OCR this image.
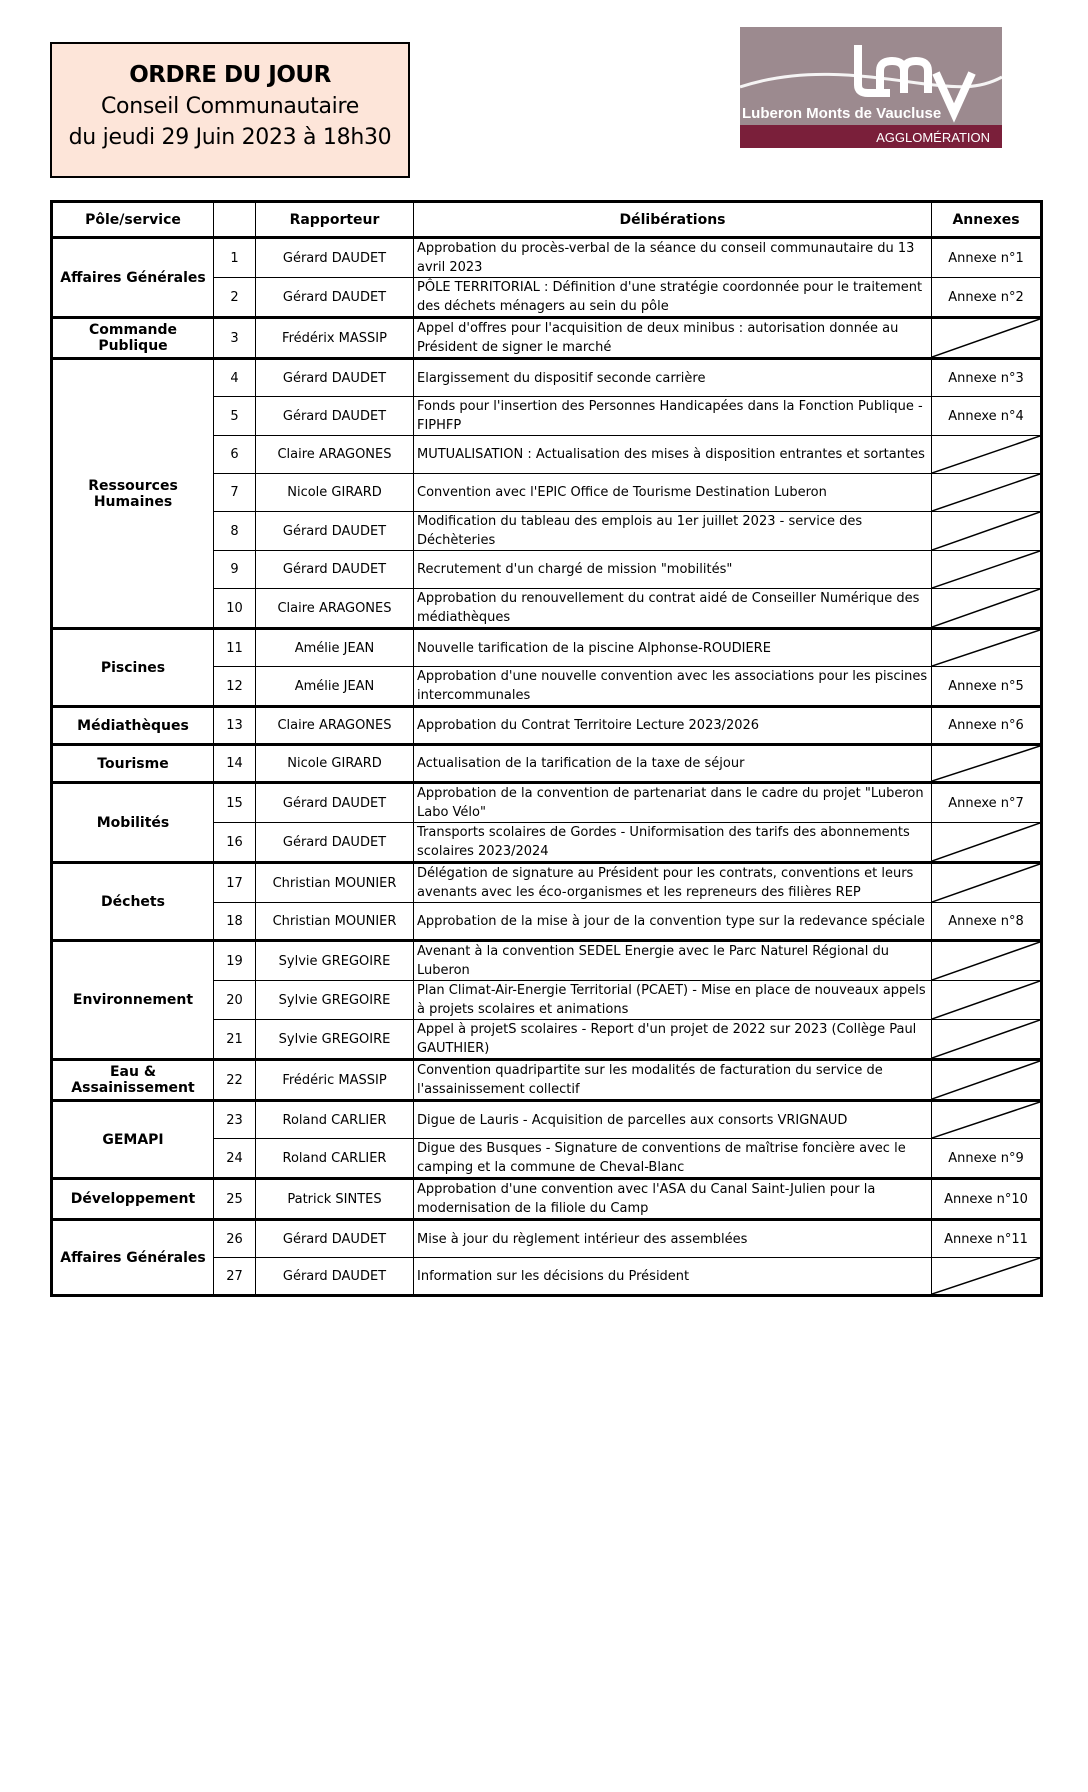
ORDRE DU JOUR
Conseil Communautaire
du jeudi 29 Juin 2023 à 18h30
Luberon Monts de Vaucluse
AGGLOMÉRATION
Pôle/service		Rapporteur	Délibérations	Annexes
Affaires Générales	1	Gérard DAUDET	Approbation du procès-verbal de la séance du conseil communautaire du 13 avril 2023	Annexe n°1
	2	Gérard DAUDET	PÔLE TERRITORIAL : Définition d'une stratégie coordonnée pour le traitement des déchets ménagers au sein du pôle	Annexe n°2
Commande Publique	3	Frédérix MASSIP	Appel d'offres pour l'acquisition de deux minibus : autorisation donnée au Président de signer le marché	

Ressources Humaines	4	Gérard DAUDET	Elargissement du dispositif seconde carrière	Annexe n°3
	5	Gérard DAUDET	Fonds pour l'insertion des Personnes Handicapées dans la Fonction Publique - FIPHFP	Annexe n°4
	6	Claire ARAGONES	MUTUALISATION : Actualisation des mises à disposition entrantes et sortantes	

	7	Nicole GIRARD	Convention avec l'EPIC Office de Tourisme Destination Luberon	

	8	Gérard DAUDET	Modification du tableau des emplois au 1er juillet 2023 - service des Déchèteries	

	9	Gérard DAUDET	Recrutement d'un chargé de mission "mobilités"	

	10	Claire ARAGONES	Approbation du renouvellement du contrat aidé de Conseiller Numérique des médiathèques	

Piscines	11	Amélie JEAN	Nouvelle tarification de la piscine Alphonse-ROUDIERE	

	12	Amélie JEAN	Approbation d'une nouvelle convention avec les associations pour les piscines intercommunales	Annexe n°5
Médiathèques	13	Claire ARAGONES	Approbation du Contrat Territoire Lecture 2023/2026	Annexe n°6
Tourisme	14	Nicole GIRARD	Actualisation de la tarification de la taxe de séjour	

Mobilités	15	Gérard DAUDET	Approbation de la convention de partenariat dans le cadre du projet "Luberon Labo Vélo"	Annexe n°7
	16	Gérard DAUDET	Transports scolaires de Gordes - Uniformisation des tarifs des abonnements scolaires 2023/2024	

Déchets	17	Christian MOUNIER	Délégation de signature au Président pour les contrats, conventions et leurs avenants avec les éco-organismes et les repreneurs des filières REP	

	18	Christian MOUNIER	Approbation de la mise à jour de la convention type sur la redevance spéciale	Annexe n°8
Environnement	19	Sylvie GREGOIRE	Avenant à la convention SEDEL Energie avec le Parc Naturel Régional du Luberon	

	20	Sylvie GREGOIRE	Plan Climat-Air-Energie Territorial (PCAET) - Mise en place de nouveaux appels à projets scolaires et animations	

	21	Sylvie GREGOIRE	Appel à projetS scolaires - Report d'un projet de 2022 sur 2023 (Collège Paul GAUTHIER)	

Eau & Assainissement	22	Frédéric MASSIP	Convention quadripartite sur les modalités de facturation du service de l'assainissement collectif	

GEMAPI	23	Roland CARLIER	Digue de Lauris - Acquisition de parcelles aux consorts VRIGNAUD	

	24	Roland CARLIER	Digue des Busques - Signature de conventions de maîtrise foncière avec le camping et la commune de Cheval-Blanc	Annexe n°9
Développement	25	Patrick SINTES	Approbation d'une convention avec l'ASA du Canal Saint-Julien pour la modernisation de la filiole du Camp	Annexe n°10
Affaires Générales	26	Gérard DAUDET	Mise à jour du règlement intérieur des assemblées	Annexe n°11
	27	Gérard DAUDET	Information sur les décisions du Président	
